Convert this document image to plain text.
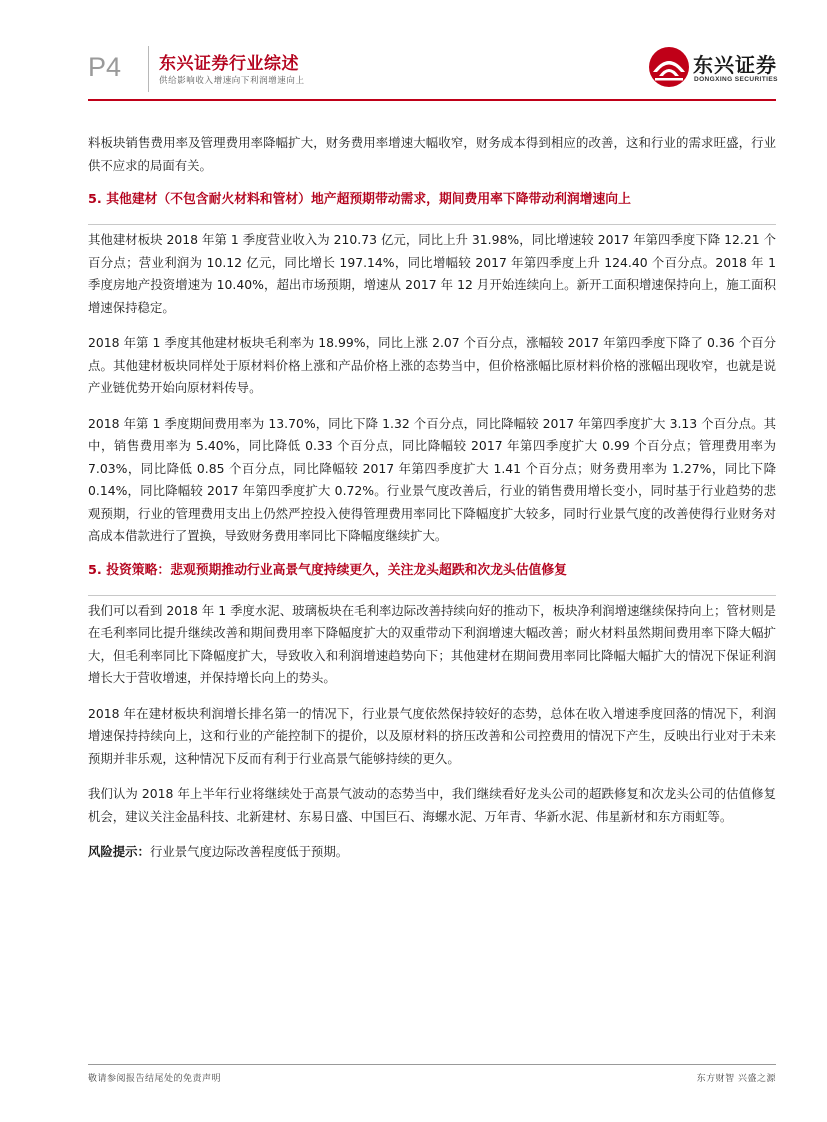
P4 东兴证券行业综述
供给影响收入增速向下利润增速向上
东兴证券
DONGXING SECURITIES

料板块销售费用率及管理费用率降幅扩大，财务费用率增速大幅收窄，财务成本得到相应的改善，这和行业的需求旺盛，行业供不应求的局面有关。

5. 其他建材（不包含耐火材料和管材）地产超预期带动需求，期间费用率下降带动利润增速向上

其他建材板块 2018 年第 1 季度营业收入为 210.73 亿元，同比上升 31.98%，同比增速较 2017 年第四季度下降 12.21 个百分点；营业利润为 10.12 亿元，同比增长 197.14%，同比增幅较 2017 年第四季度上升 124.40 个百分点。2018 年 1 季度房地产投资增速为 10.40%，超出市场预期，增速从 2017 年 12 月开始连续向上。新开工面积增速保持向上，施工面积增速保持稳定。

2018 年第 1 季度其他建材板块毛利率为 18.99%，同比上涨 2.07 个百分点，涨幅较 2017 年第四季度下降了 0.36 个百分点。其他建材板块同样处于原材料价格上涨和产品价格上涨的态势当中，但价格涨幅比原材料价格的涨幅出现收窄，也就是说产业链优势开始向原材料传导。

2018 年第 1 季度期间费用率为 13.70%，同比下降 1.32 个百分点，同比降幅较 2017 年第四季度扩大 3.13 个百分点。其中，销售费用率为 5.40%，同比降低 0.33 个百分点，同比降幅较 2017 年第四季度扩大 0.99 个百分点；管理费用率为 7.03%，同比降低 0.85 个百分点，同比降幅较 2017 年第四季度扩大 1.41 个百分点；财务费用率为 1.27%，同比下降 0.14%，同比降幅较 2017 年第四季度扩大 0.72%。行业景气度改善后，行业的销售费用增长变小，同时基于行业趋势的悲观预期，行业的管理费用支出上仍然严控投入使得管理费用率同比下降幅度扩大较多，同时行业景气度的改善使得行业财务对高成本借款进行了置换，导致财务费用率同比下降幅度继续扩大。

5. 投资策略：悲观预期推动行业高景气度持续更久，关注龙头超跌和次龙头估值修复

我们可以看到 2018 年 1 季度水泥、玻璃板块在毛利率边际改善持续向好的推动下，板块净利润增速继续保持向上；管材则是在毛利率同比提升继续改善和期间费用率下降幅度扩大的双重带动下利润增速大幅改善；耐火材料虽然期间费用率下降大幅扩大，但毛利率同比下降幅度扩大，导致收入和利润增速趋势向下；其他建材在期间费用率同比降幅大幅扩大的情况下保证利润增长大于营收增速，并保持增长向上的势头。

2018 年在建材板块利润增长排名第一的情况下，行业景气度依然保持较好的态势，总体在收入增速季度回落的情况下，利润增速保持持续向上，这和行业的产能控制下的提价，以及原材料的挤压改善和公司控费用的情况下产生，反映出行业对于未来预期并非乐观，这种情况下反而有利于行业高景气能够持续的更久。

我们认为 2018 年上半年行业将继续处于高景气波动的态势当中，我们继续看好龙头公司的超跌修复和次龙头公司的估值修复机会，建议关注金晶科技、北新建材、东易日盛、中国巨石、海螺水泥、万年青、华新水泥、伟星新材和东方雨虹等。

风险提示：行业景气度边际改善程度低于预期。

敬请参阅报告结尾处的免责声明	东方财智 兴盛之源
